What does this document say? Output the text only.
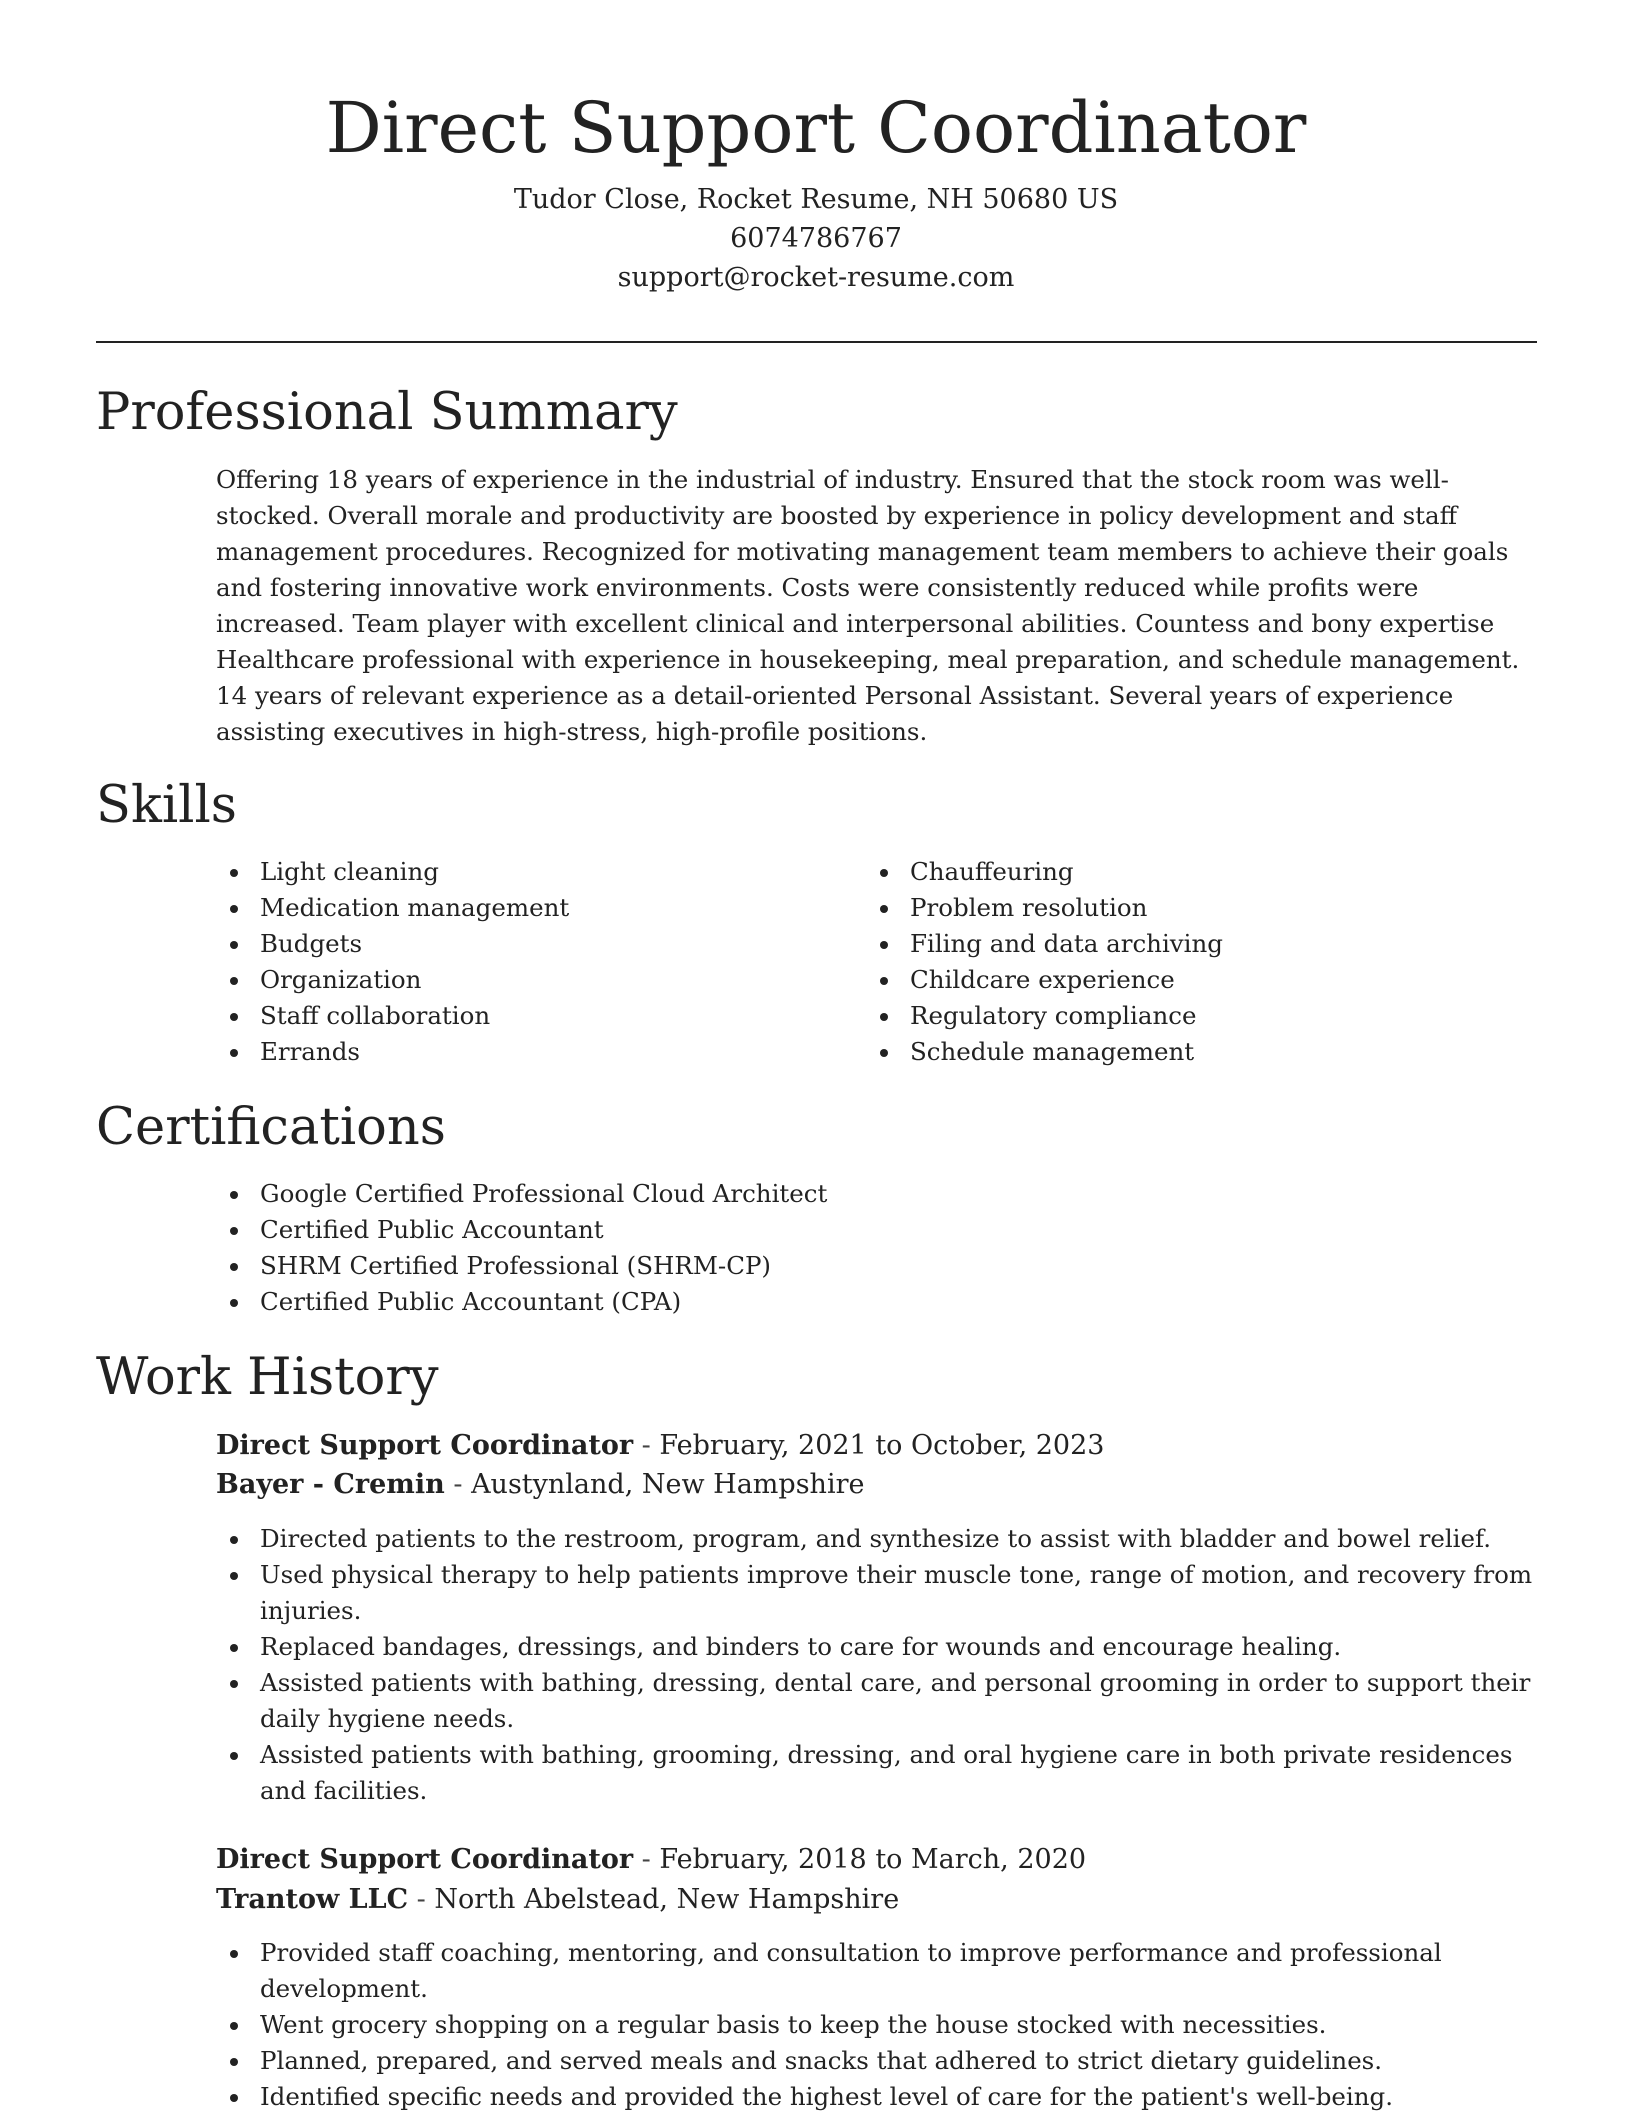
Direct Support Coordinator

Tudor Close, Rocket Resume, NH 50680 US

6074786767

support@rocket-resume.com

Professional Summary

Offering 18 years of experience in the industrial of industry. Ensured that the stock room was well-stocked. Overall morale and productivity are boosted by experience in policy development and staff management procedures. Recognized for motivating management team members to achieve their goals and fostering innovative work environments. Costs were consistently reduced while profits were increased. Team player with excellent clinical and interpersonal abilities. Countess and bony expertise Healthcare professional with experience in housekeeping, meal preparation, and schedule management. 14 years of relevant experience as a detail-oriented Personal Assistant. Several years of experience assisting executives in high-stress, high-profile positions.

Skills
Light cleaning
Medication management
Budgets
Organization
Staff collaboration
Errands
Chauffeuring
Problem resolution
Filing and data archiving
Childcare experience
Regulatory compliance
Schedule management
Certifications
Google Certified Professional Cloud Architect
Certified Public Accountant
SHRM Certified Professional (SHRM-CP)
Certified Public Accountant (CPA)
Work History

Direct Support Coordinator - February, 2021 to October, 2023

Bayer - Cremin - Austynland, New Hampshire

Directed patients to the restroom, program, and synthesize to assist with bladder and bowel relief.
Used physical therapy to help patients improve their muscle tone, range of motion, and recovery from injuries.
Replaced bandages, dressings, and binders to care for wounds and encourage healing.
Assisted patients with bathing, dressing, dental care, and personal grooming in order to support their daily hygiene needs.
Assisted patients with bathing, grooming, dressing, and oral hygiene care in both private residences and facilities.

Direct Support Coordinator - February, 2018 to March, 2020

Trantow LLC - North Abelstead, New Hampshire

Provided staff coaching, mentoring, and consultation to improve performance and professional development.
Went grocery shopping on a regular basis to keep the house stocked with necessities.
Planned, prepared, and served meals and snacks that adhered to strict dietary guidelines.
Identified specific needs and provided the highest level of care for the patient's well-being.
